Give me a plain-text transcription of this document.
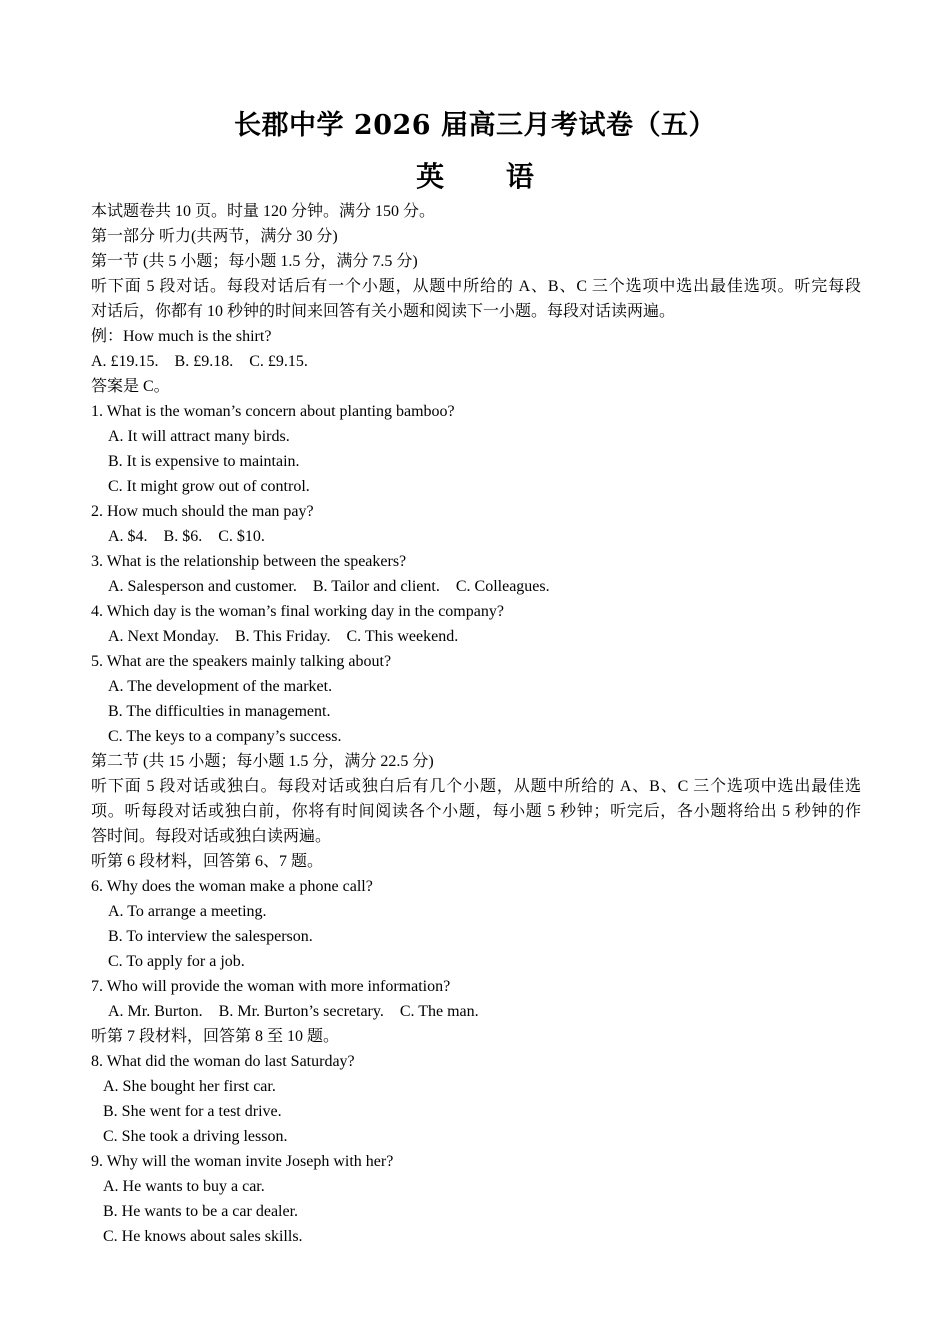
长郡中学 2026 届高三月考试卷（五）
英 语
本试题卷共 10 页。时量 120 分钟。满分 150 分。
第一部分 听力(共两节，满分 30 分)
第一节 (共 5 小题；每小题 1.5 分，满分 7.5 分)
听下面 5 段对话。每段对话后有一个小题，从题中所给的 A、B、C 三个选项中选出最佳选项。听完每段
对话后，你都有 10 秒钟的时间来回答有关小题和阅读下一小题。每段对话读两遍。
例：How much is the shirt?
A. £19.15.    B. £9.18.    C. £9.15.
答案是 C。
1. What is the woman’s concern about planting bamboo?
A. It will attract many birds.
B. It is expensive to maintain.
C. It might grow out of control.
2. How much should the man pay?
A. $4.    B. $6.    C. $10.
3. What is the relationship between the speakers?
A. Salesperson and customer.    B. Tailor and client.    C. Colleagues.
4. Which day is the woman’s final working day in the company?
A. Next Monday.    B. This Friday.    C. This weekend.
5. What are the speakers mainly talking about?
A. The development of the market.
B. The difficulties in management.
C. The keys to a company’s success.
第二节 (共 15 小题；每小题 1.5 分，满分 22.5 分)
听下面 5 段对话或独白。每段对话或独白后有几个小题，从题中所给的 A、B、C 三个选项中选出最佳选
项。听每段对话或独白前，你将有时间阅读各个小题，每小题 5 秒钟；听完后，各小题将给出 5 秒钟的作
答时间。每段对话或独白读两遍。
听第 6 段材料，回答第 6、7 题。
6. Why does the woman make a phone call?
A. To arrange a meeting.
B. To interview the salesperson.
C. To apply for a job.
7. Who will provide the woman with more information?
A. Mr. Burton.    B. Mr. Burton’s secretary.    C. The man.
听第 7 段材料，回答第 8 至 10 题。
8. What did the woman do last Saturday?
A. She bought her first car.
B. She went for a test drive.
C. She took a driving lesson.
9. Why will the woman invite Joseph with her?
A. He wants to buy a car.
B. He wants to be a car dealer.
C. He knows about sales skills.
